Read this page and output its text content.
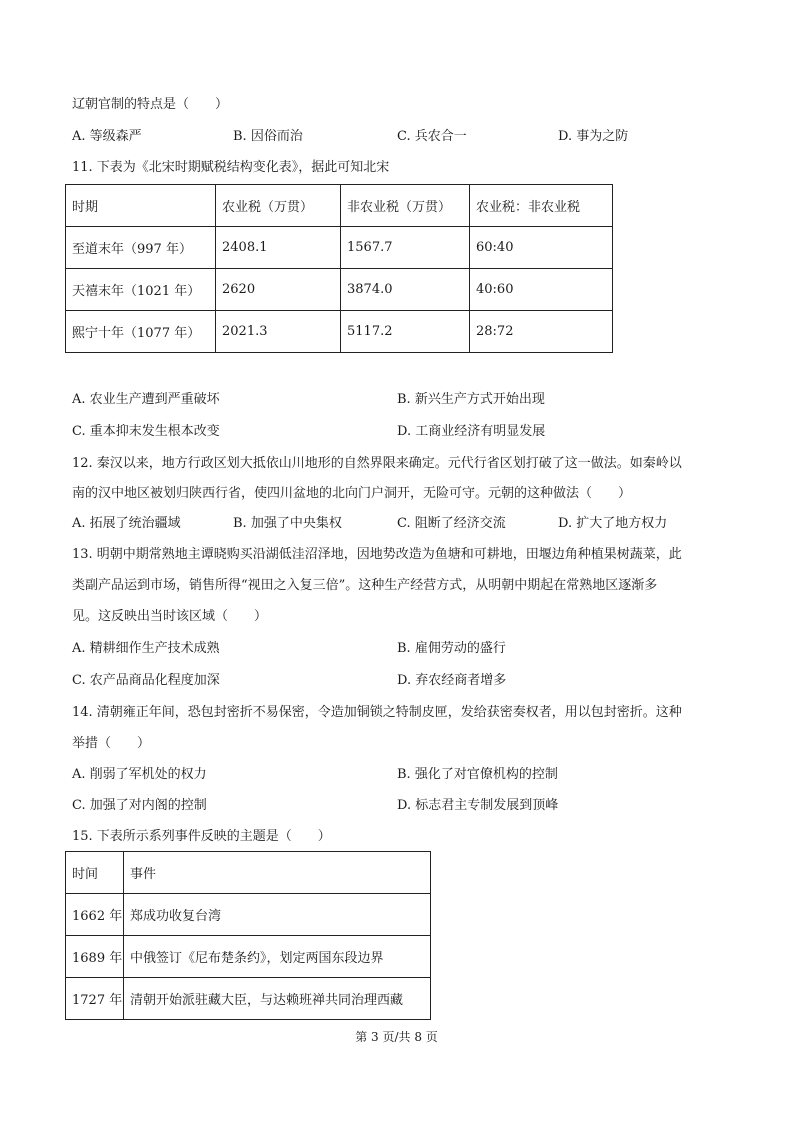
辽朝官制的特点是（　　）
A. 等级森严	B. 因俗而治	C. 兵农合一	D. 事为之防
11. 下表为《北宋时期赋税结构变化表》，据此可知北宋
时期	农业税（万贯）	非农业税（万贯）	农业税：非农业税
至道末年（997 年）	2408.1	1567.7	60:40
天禧末年（1021 年）	2620	3874.0	40:60
熙宁十年（1077 年）	2021.3	5117.2	28:72
A. 农业生产遭到严重破坏	B. 新兴生产方式开始出现
C. 重本抑末发生根本改变	D. 工商业经济有明显发展
12. 秦汉以来，地方行政区划大抵依山川地形的自然界限来确定。元代行省区划打破了这一做法。如秦岭以
南的汉中地区被划归陕西行省，使四川盆地的北向门户洞开，无险可守。元朝的这种做法（　　）
A. 拓展了统治疆域	B. 加强了中央集权	C. 阻断了经济交流	D. 扩大了地方权力
13. 明朝中期常熟地主谭晓购买沿湖低洼沼泽地，因地势改造为鱼塘和可耕地，田堰边角种植果树蔬菜，此
类副产品运到市场，销售所得“视田之入复三倍”。这种生产经营方式，从明朝中期起在常熟地区逐渐多
见。这反映出当时该区域（　　）
A. 精耕细作生产技术成熟	B. 雇佣劳动的盛行
C. 农产品商品化程度加深	D. 弃农经商者增多
14. 清朝雍正年间，恐包封密折不易保密，令造加铜锁之特制皮匣，发给获密奏权者，用以包封密折。这种
举措（　　）
A. 削弱了军机处的权力	B. 强化了对官僚机构的控制
C. 加强了对内阁的控制	D. 标志君主专制发展到顶峰
15. 下表所示系列事件反映的主题是（　　）
时间	事件
1662 年	郑成功收复台湾
1689 年	中俄签订《尼布楚条约》，划定两国东段边界
1727 年	清朝开始派驻藏大臣，与达赖班禅共同治理西藏
第 3 页/共 8 页
